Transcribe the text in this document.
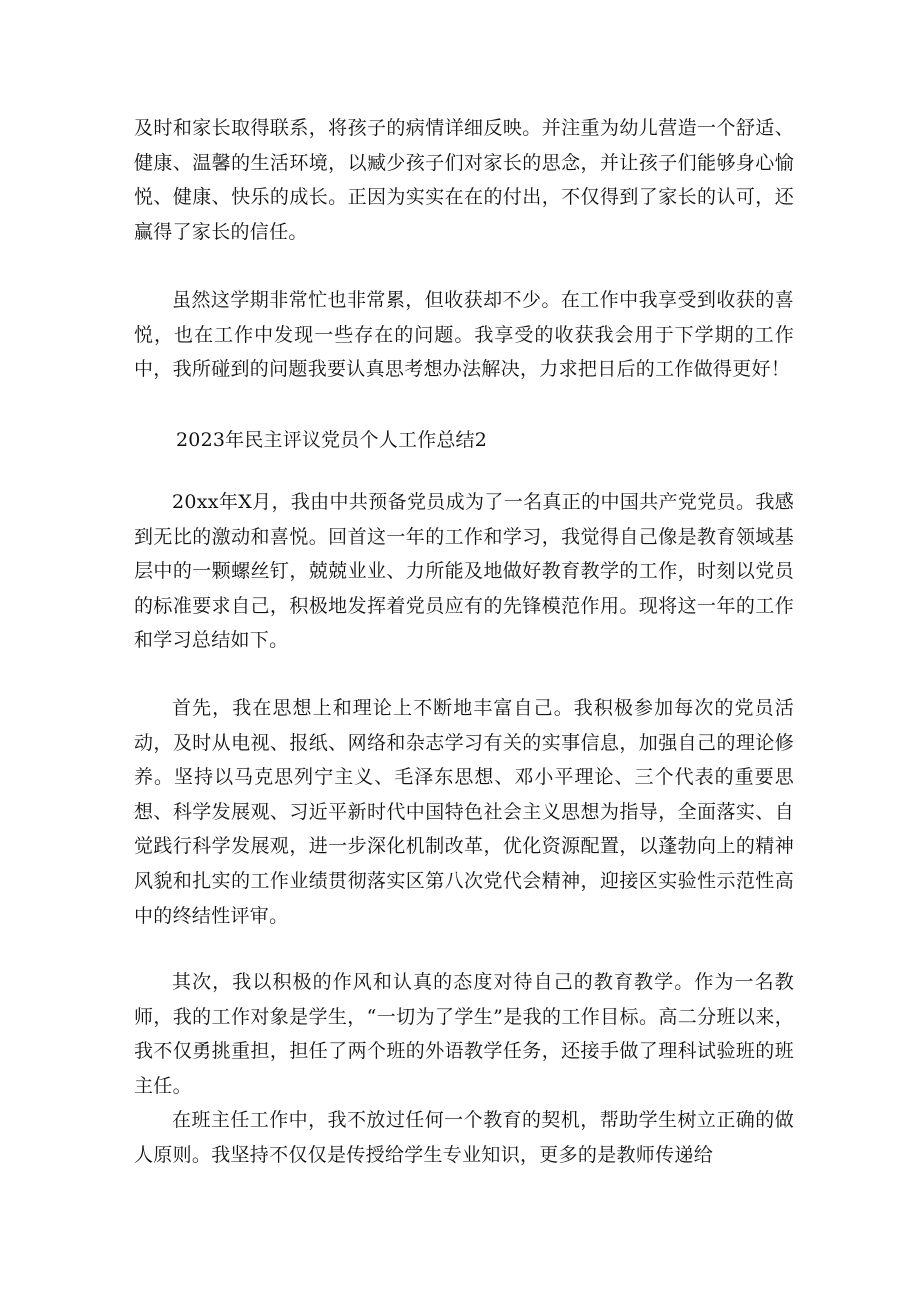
及时和家长取得联系，将孩子的病情详细反映。并注重为幼儿营造一个舒适、健康、温馨的生活环境，以臧少孩子们对家长的思念，并让孩子们能够身心愉悦、健康、快乐的成长。正因为实实在在的付出，不仅得到了家长的认可，还赢得了家长的信任。

虽然这学期非常忙也非常累，但收获却不少。在工作中我享受到收获的喜悦，也在工作中发现一些存在的问题。我享受的收获我会用于下学期的工作中，我所碰到的问题我要认真思考想办法解决，力求把日后的工作做得更好！

2023年民主评议党员个人工作总结2

20xx年X月，我由中共预备党员成为了一名真正的中国共产党党员。我感到无比的激动和喜悦。回首这一年的工作和学习，我觉得自己像是教育领域基层中的一颗螺丝钉，兢兢业业、力所能及地做好教育教学的工作，时刻以党员的标准要求自己，积极地发挥着党员应有的先锋模范作用。现将这一年的工作和学习总结如下。

首先，我在思想上和理论上不断地丰富自己。我积极参加每次的党员活动，及时从电视、报纸、网络和杂志学习有关的实事信息，加强自己的理论修养。坚持以马克思列宁主义、毛泽东思想、邓小平理论、三个代表的重要思想、科学发展观、习近平新时代中国特色社会主义思想为指导，全面落实、自觉践行科学发展观，进一步深化机制改革，优化资源配置，以蓬勃向上的精神风貌和扎实的工作业绩贯彻落实区第八次党代会精神，迎接区实验性示范性高中的终结性评审。

其次，我以积极的作风和认真的态度对待自己的教育教学。作为一名教师，我的工作对象是学生，“一切为了学生”是我的工作目标。高二分班以来，我不仅勇挑重担，担任了两个班的外语教学任务，还接手做了理科试验班的班主任。

在班主任工作中，我不放过任何一个教育的契机，帮助学生树立正确的做人原则。我坚持不仅仅是传授给学生专业知识，更多的是教师传递给
